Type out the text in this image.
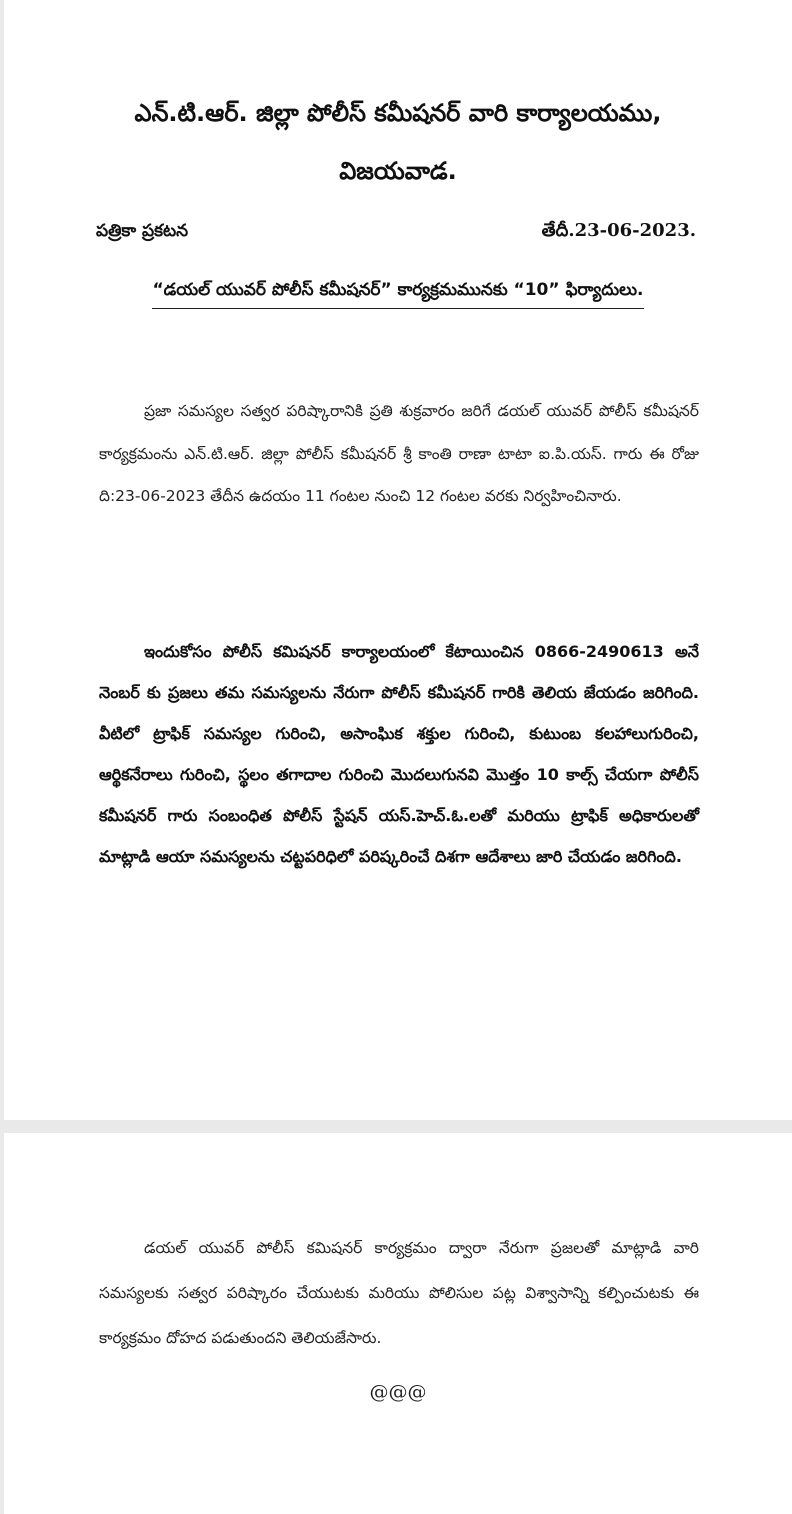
ఎన్.టి.ఆర్. జిల్లా పోలీస్ కమీషనర్ వారి కార్యాలయము,
విజయవాడ.
పత్రికా ప్రకటన	తేదీ.23-06-2023.
“డయల్ యువర్ పోలీస్ కమీషనర్” కార్యక్రమమునకు “10” ఫిర్యాదులు.

ప్రజా సమస్యల సత్వర పరిష్కారానికి ప్రతి శుక్రవారం జరిగే డయల్ యువర్ పోలీస్ కమీషనర్ కార్యక్రమంను ఎన్.టి.ఆర్. జిల్లా పోలీస్ కమీషనర్ శ్రీ కాంతి రాణా టాటా ఐ.పి.యస్. గారు ఈ రోజు ది:23-06-2023 తేదీన ఉదయం 11 గంటల నుంచి 12 గంటల వరకు నిర్వహించినారు.

ఇందుకోసం పోలీస్ కమిషనర్ కార్యాలయంలో కేటాయించిన 0866-2490613 అనే నెంబర్ కు ప్రజలు తమ సమస్యలను నేరుగా పోలీస్ కమీషనర్ గారికి తెలియ జేయడం జరిగింది. వీటిలో ట్రాఫిక్ సమస్యల గురించి, అసాంఘిక శక్తుల గురించి, కుటుంబ కలహాలుగురించి, ఆర్థికనేరాలు గురించి, స్థలం తగాదాల గురించి మొదలుగునవి మొత్తం 10 కాల్స్ చేయగా పోలీస్ కమీషనర్ గారు సంబంధిత పోలీస్ స్టేషన్ యస్.హెచ్.ఓ.లతో మరియు ట్రాఫిక్ అధికారులతో మాట్లాడి ఆయా సమస్యలను చట్టపరిధిలో పరిష్కరించే దిశగా ఆదేశాలు జారి చేయడం జరిగింది.

డయల్ యువర్ పోలీస్ కమిషనర్ కార్యక్రమం ద్వారా నేరుగా ప్రజలతో మాట్లాడి వారి సమస్యలకు సత్వర పరిష్కారం చేయుటకు మరియు పోలిసుల పట్ల విశ్వాసాన్ని కల్పించుటకు ఈ కార్యక్రమం దోహద పడుతుందని తెలియజేసారు.

@@@
